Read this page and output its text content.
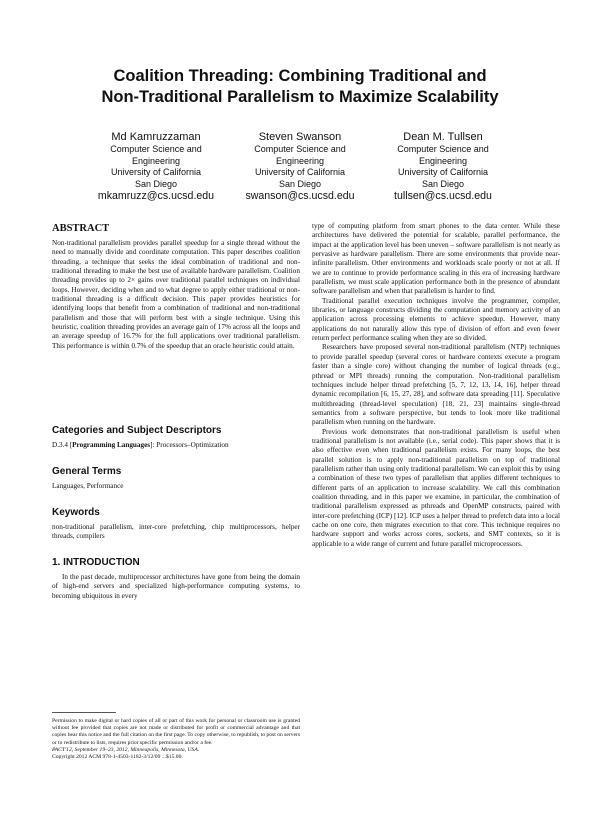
Coalition Threading: Combining Traditional and
Non-Traditional Parallelism to Maximize Scalability
Md Kamruzzaman
Computer Science and
Engineering
University of California
San Diego
mkamruzz@cs.ucsd.edu
Steven Swanson
Computer Science and
Engineering
University of California
San Diego
swanson@cs.ucsd.edu
Dean M. Tullsen
Computer Science and
Engineering
University of California
San Diego
tullsen@cs.ucsd.edu
ABSTRACT

Non-traditional parallelism provides parallel speedup for a single thread without the need to manually divide and coordinate computation. This paper describes coalition threading, a technique that seeks the ideal combination of traditional and non-traditional threading to make the best use of available hardware parallelism. Coalition threading provides up to 2× gains over traditional parallel techniques on individual loops. However, deciding when and to what degree to apply either traditional or non-traditional threading is a difficult decision. This paper provides heuristics for identifying loops that benefit from a combination of traditional and non-traditional parallelism and those that will perform best with a single technique. Using this heuristic, coalition threading provides an average gain of 17% across all the loops and an average speedup of 16.7% for the full applications over traditional parallelism. This performance is within 0.7% of the speedup that an oracle heuristic could attain.

Categories and Subject Descriptors

D.3.4 [Programming Languages]: Processors–Optimization

General Terms

Languages, Performance

Keywords

non-traditional parallelism, inter-core prefetching, chip multiprocessors, helper threads, compilers

1. INTRODUCTION

In the past decade, multiprocessor architectures have gone from being the domain of high-end servers and specialized high-performance computing systems, to becoming ubiquitous in every

Permission to make digital or hard copies of all or part of this work for personal or classroom use is granted without fee provided that copies are not made or distributed for profit or commercial advantage and that copies bear this notice and the full citation on the first page. To copy otherwise, to republish, to post on servers or to redistribute to lists, requires prior specific permission and/or a fee.
PACT'12, September 19–23, 2012, Minneapolis, Minnesota, USA.
Copyright 2012 ACM 978-1-4503-1182-3/12/09 ...$15.00.

type of computing platform from smart phones to the data center. While these architectures have delivered the potential for scalable, parallel performance, the impact at the application level has been uneven – software parallelism is not nearly as pervasive as hardware parallelism. There are some environments that provide near-infinite parallelism. Other environments and workloads scale poorly or not at all. If we are to continue to provide performance scaling in this era of increasing hardware parallelism, we must scale application performance both in the presence of abundant software parallelism and when that parallelism is harder to find.

Traditional parallel execution techniques involve the programmer, compiler, libraries, or language constructs dividing the computation and memory activity of an application across processing elements to achieve speedup. However, many applications do not naturally allow this type of division of effort and even fewer return perfect performance scaling when they are so divided.

Researchers have proposed several non-traditional parallelism (NTP) techniques to provide parallel speedup (several cores or hardware contexts execute a program faster than a single core) without changing the number of logical threads (e.g., pthread or MPI threads) running the computation. Non-traditional parallelism techniques include helper thread prefetching [5, 7, 12, 13, 14, 16], helper thread dynamic recompilation [6, 15, 27, 28], and software data spreading [11]. Speculative multithreading (thread-level speculation) [18, 21, 23] maintains single-thread semantics from a software perspective, but tends to look more like traditional parallelism when running on the hardware.

Previous work demonstrates that non-traditional parallelism is useful when traditional parallelism is not available (i.e., serial code). This paper shows that it is also effective even when traditional parallelism exists. For many loops, the best parallel solution is to apply non-traditional parallelism on top of traditional parallelism rather than using only traditional parallelism. We can exploit this by using a combination of these two types of parallelism that applies different techniques to different parts of an application to increase scalability. We call this combination coalition threading, and in this paper we examine, in particular, the combination of traditional parallelism expressed as pthreads and OpenMP constructs, paired with inter-core prefetching (ICP) [12]. ICP uses a helper thread to prefetch data into a local cache on one core, then migrates execution to that core. This technique requires no hardware support and works across cores, sockets, and SMT contexts, so it is applicable to a wide range of current and future parallel microprocessors.
